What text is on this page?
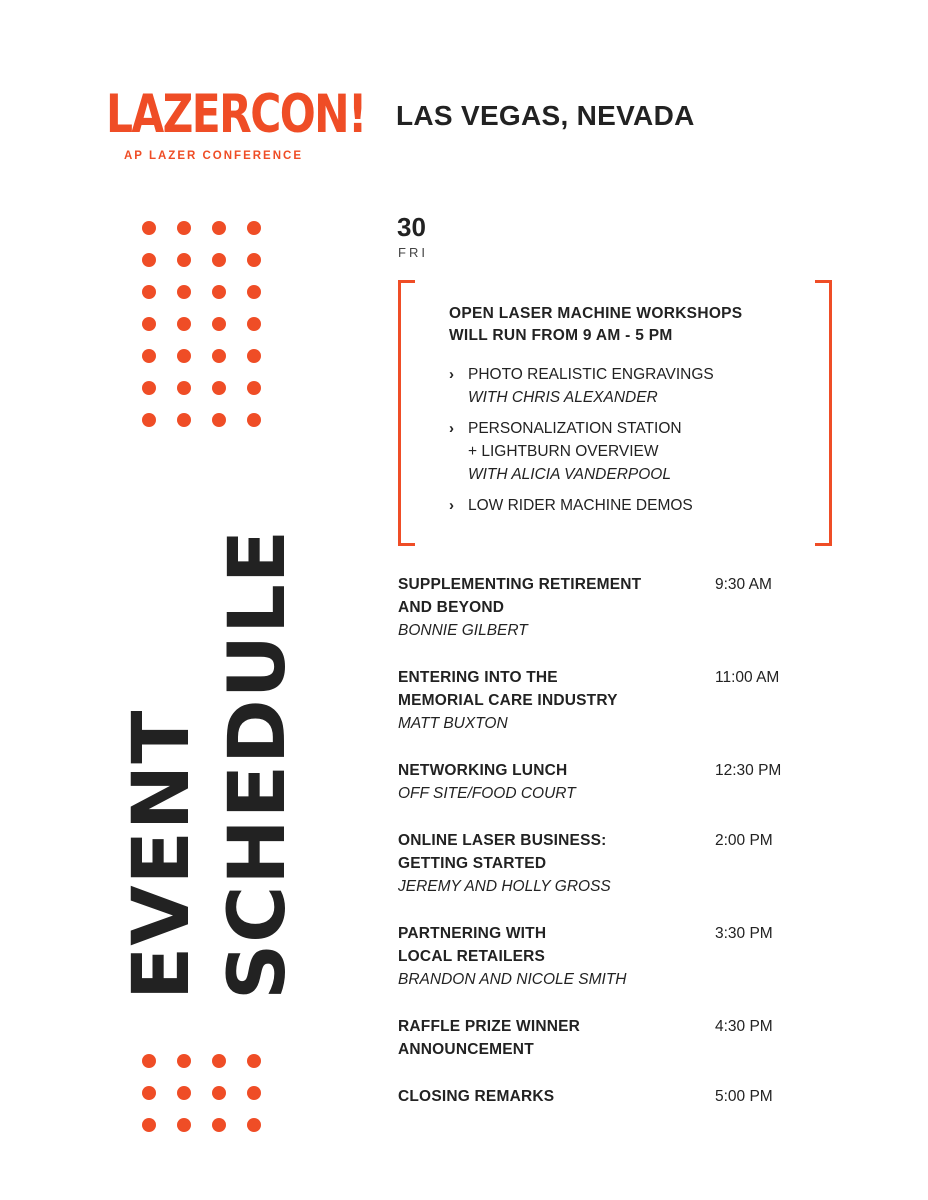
LAZERCON!
AP LAZER CONFERENCE
LAS VEGAS, NEVADA
EVENT SCHEDULE
30
FRI
OPEN LASER MACHINE WORKSHOPS
WILL RUN FROM 9 AM - 5 PM
› PHOTO REALISTIC ENGRAVINGS
WITH CHRIS ALEXANDER
› PERSONALIZATION STATION
+ LIGHTBURN OVERVIEW
WITH ALICIA VANDERPOOL
› LOW RIDER MACHINE DEMOS
SUPPLEMENTING RETIREMENT
AND BEYOND
BONNIE GILBERT
9:30 AM
ENTERING INTO THE
MEMORIAL CARE INDUSTRY
MATT BUXTON
11:00 AM
NETWORKING LUNCH
OFF SITE/FOOD COURT
12:30 PM
ONLINE LASER BUSINESS:
GETTING STARTED
JEREMY AND HOLLY GROSS
2:00 PM
PARTNERING WITH
LOCAL RETAILERS
BRANDON AND NICOLE SMITH
3:30 PM
RAFFLE PRIZE WINNER
ANNOUNCEMENT
4:30 PM
CLOSING REMARKS	5:00 PM
